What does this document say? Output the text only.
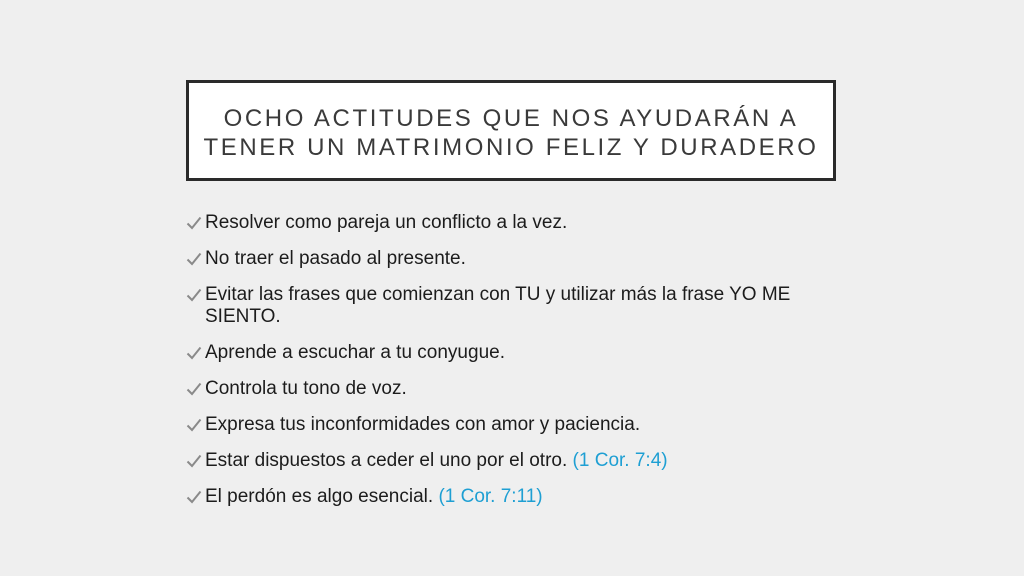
OCHO ACTITUDES QUE NOS AYUDARÁN A
TENER UN MATRIMONIO FELIZ Y DURADERO

Resolver como pareja un conflicto a la vez.
No traer el pasado al presente.
Evitar las frases que comienzan con TU y utilizar más la frase YO ME SIENTO.
Aprende a escuchar a tu conyugue.
Controla tu tono de voz.
Expresa tus inconformidades con amor y paciencia.
Estar dispuestos a ceder el uno por el otro. (1 Cor. 7:4)
El perdón es algo esencial. (1 Cor. 7:11)
